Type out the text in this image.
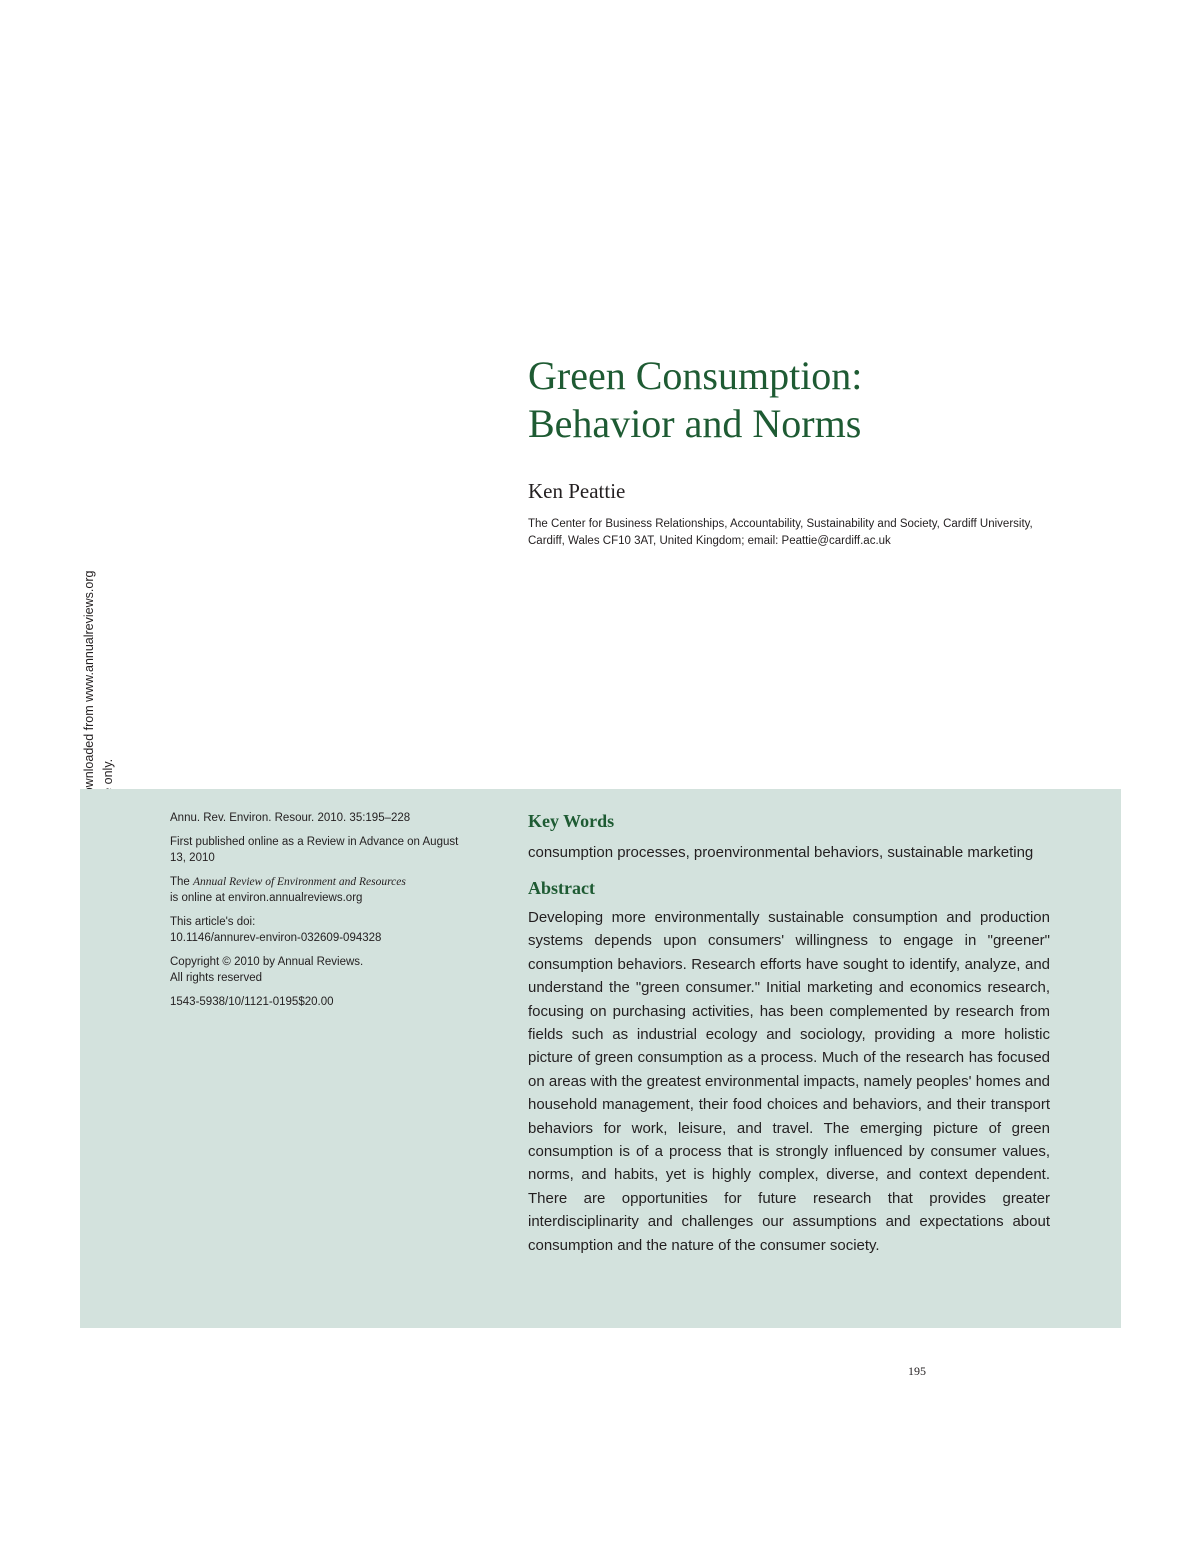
Green Consumption:
Behavior and Norms
Ken Peattie
The Center for Business Relationships, Accountability, Sustainability and Society, Cardiff University, Cardiff, Wales CF10 3AT, United Kingdom; email: Peattie@cardiff.ac.uk

Annu. Rev. Environ. Resour. 2010. 35:195–228

First published online as a Review in Advance on August 13, 2010

The Annual Review of Environment and Resources
is online at environ.annualreviews.org

This article's doi:
10.1146/annurev-environ-032609-094328

Copyright © 2010 by Annual Reviews.
All rights reserved

1543-5938/10/1121-0195$20.00

Key Words
consumption processes, proenvironmental behaviors, sustainable marketing
Abstract
Developing more environmentally sustainable consumption and production systems depends upon consumers' willingness to engage in "greener" consumption behaviors. Research efforts have sought to identify, analyze, and understand the "green consumer." Initial marketing and economics research, focusing on purchasing activities, has been complemented by research from fields such as industrial ecology and sociology, providing a more holistic picture of green consumption as a process. Much of the research has focused on areas with the greatest environmental impacts, namely peoples' homes and household management, their food choices and behaviors, and their transport behaviors for work, leisure, and travel. The emerging picture of green consumption is of a process that is strongly influenced by consumer values, norms, and habits, yet is highly complex, diverse, and context dependent. There are opportunities for future research that provides greater interdisciplinarity and challenges our assumptions and expectations about consumption and the nature of the consumer society.
195
